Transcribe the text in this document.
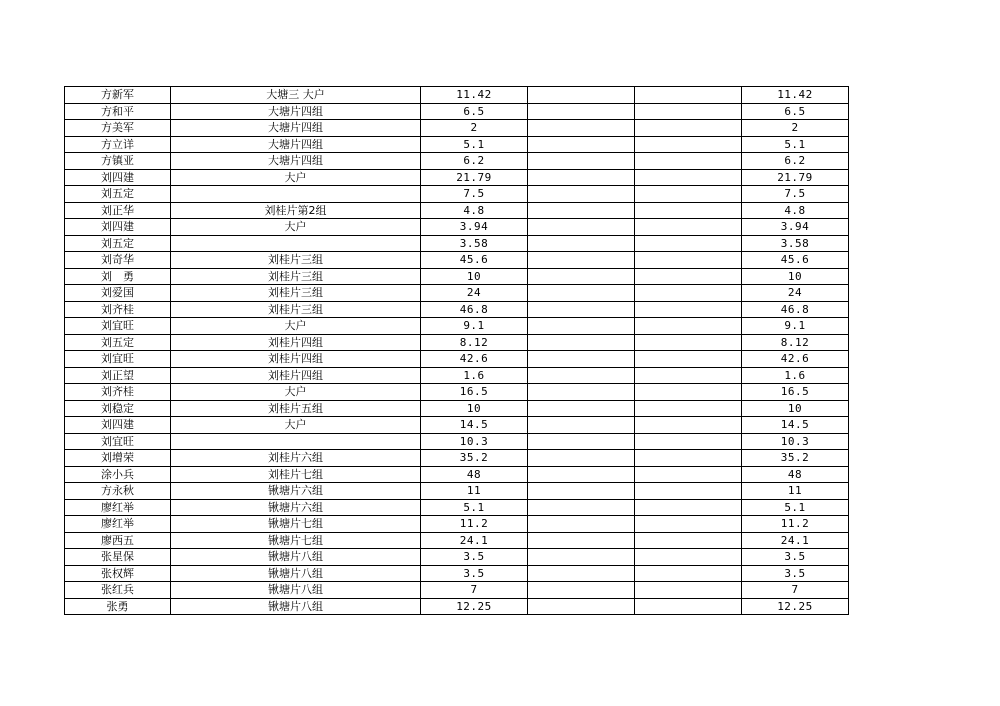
方新军	大塘三 大户	11.42			11.42
方和平	大塘片四组	6.5			6.5
方美军	大塘片四组	2			2
方立详	大塘片四组	5.1			5.1
方镇亚	大塘片四组	6.2			6.2
刘四建	大户	21.79			21.79
刘五定		7.5			7.5
刘正华	刘桂片第2组	4.8			4.8
刘四建	大户	3.94			3.94
刘五定		3.58			3.58
刘奇华	刘桂片三组	45.6			45.6
刘　勇	刘桂片三组	10			10
刘爱国	刘桂片三组	24			24
刘齐桂	刘桂片三组	46.8			46.8
刘宜旺	大户	9.1			9.1
刘五定	刘桂片四组	8.12			8.12
刘宜旺	刘桂片四组	42.6			42.6
刘正望	刘桂片四组	1.6			1.6
刘齐桂	大户	16.5			16.5
刘稳定	刘桂片五组	10			10
刘四建	大户	14.5			14.5
刘宜旺		10.3			10.3
刘增荣	刘桂片六组	35.2			35.2
涂小兵	刘桂片七组	48			48
方永秋	锹塘片六组	11			11
廖红举	锹塘片六组	5.1			5.1
廖红举	锹塘片七组	11.2			11.2
廖西五	锹塘片七组	24.1			24.1
张星保	锹塘片八组	3.5			3.5
张权辉	锹塘片八组	3.5			3.5
张红兵	锹塘片八组	7			7
张勇	锹塘片八组	12.25			12.25
